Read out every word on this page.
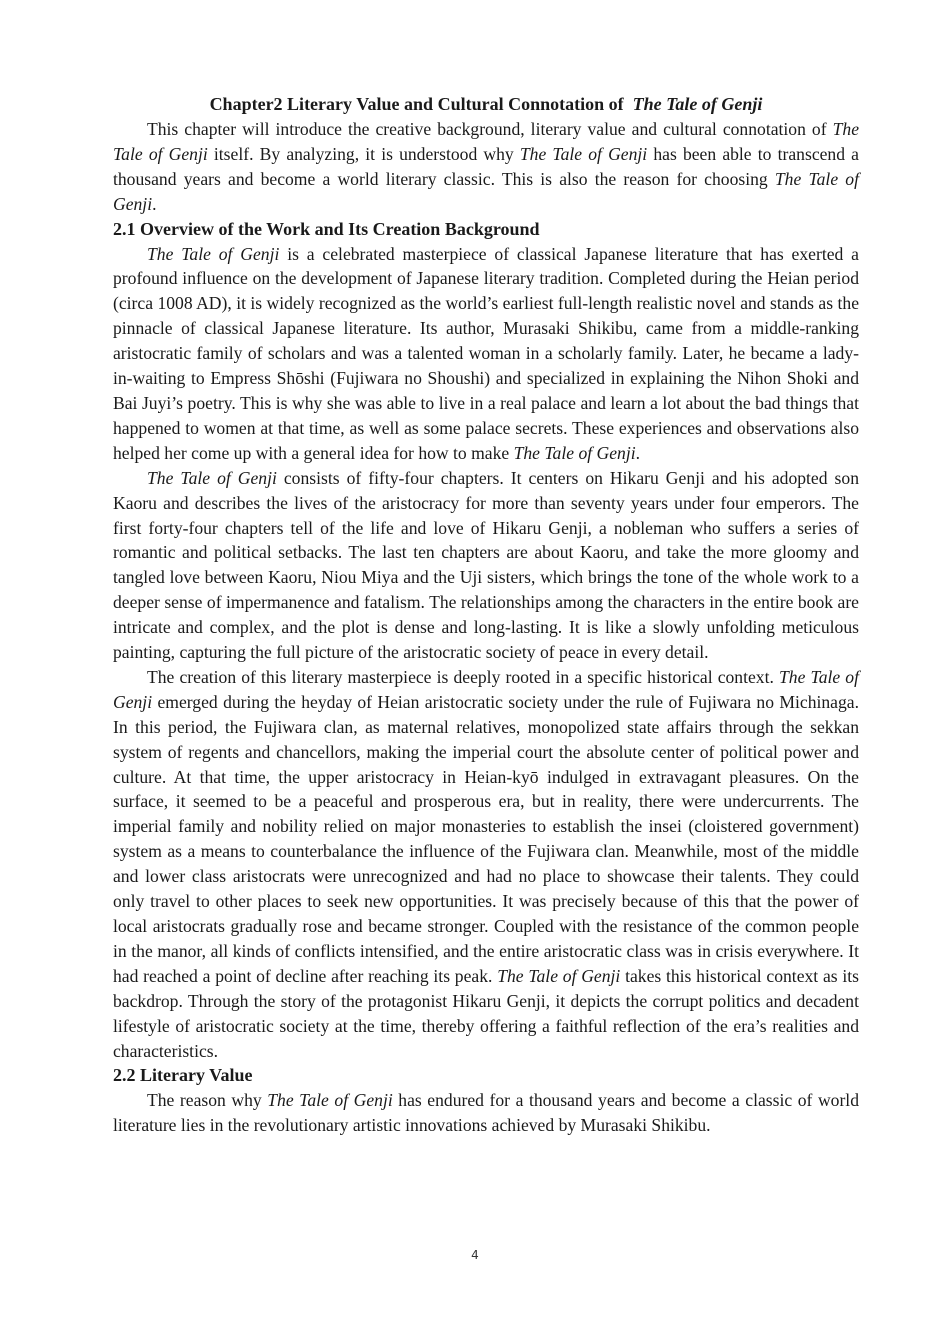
Chapter2 Literary Value and Cultural Connotation of The Tale of Genji

This chapter will introduce the creative background, literary value and cultural connotation of The Tale of Genji itself. By analyzing, it is understood why The Tale of Genji has been able to transcend a thousand years and become a world literary classic. This is also the reason for choosing The Tale of Genji.

2.1 Overview of the Work and Its Creation Background

The Tale of Genji is a celebrated masterpiece of classical Japanese literature that has exerted a profound influence on the development of Japanese literary tradition. Completed during the Heian period (circa 1008 AD), it is widely recognized as the world’s earliest full-length realistic novel and stands as the pinnacle of classical Japanese literature. Its author, Murasaki Shikibu, came from a middle-ranking aristocratic family of scholars and was a talented woman in a scholarly family. Later, he became a lady-in-waiting to Empress Shōshi (Fujiwara no Shoushi) and specialized in explaining the Nihon Shoki and Bai Juyi’s poetry. This is why she was able to live in a real palace and learn a lot about the bad things that happened to women at that time, as well as some palace secrets. These experiences and observations also helped her come up with a general idea for how to make The Tale of Genji.

The Tale of Genji consists of fifty-four chapters. It centers on Hikaru Genji and his adopted son Kaoru and describes the lives of the aristocracy for more than seventy years under four emperors. The first forty-four chapters tell of the life and love of Hikaru Genji, a nobleman who suffers a series of romantic and political setbacks. The last ten chapters are about Kaoru, and take the more gloomy and tangled love between Kaoru, Niou Miya and the Uji sisters, which brings the tone of the whole work to a deeper sense of impermanence and fatalism. The relationships among the characters in the entire book are intricate and complex, and the plot is dense and long-lasting. It is like a slowly unfolding meticulous painting, capturing the full picture of the aristocratic society of peace in every detail.

The creation of this literary masterpiece is deeply rooted in a specific historical context. The Tale of Genji emerged during the heyday of Heian aristocratic society under the rule of Fujiwara no Michinaga. In this period, the Fujiwara clan, as maternal relatives, monopolized state affairs through the sekkan system of regents and chancellors, making the imperial court the absolute center of political power and culture. At that time, the upper aristocracy in Heian-kyō indulged in extravagant pleasures. On the surface, it seemed to be a peaceful and prosperous era, but in reality, there were undercurrents. The imperial family and nobility relied on major monasteries to establish the insei (cloistered government) system as a means to counterbalance the influence of the Fujiwara clan. Meanwhile, most of the middle and lower class aristocrats were unrecognized and had no place to showcase their talents. They could only travel to other places to seek new opportunities. It was precisely because of this that the power of local aristocrats gradually rose and became stronger. Coupled with the resistance of the common people in the manor, all kinds of conflicts intensified, and the entire aristocratic class was in crisis everywhere. It had reached a point of decline after reaching its peak. The Tale of Genji takes this historical context as its backdrop. Through the story of the protagonist Hikaru Genji, it depicts the corrupt politics and decadent lifestyle of aristocratic society at the time, thereby offering a faithful reflection of the era’s realities and characteristics.

2.2 Literary Value

The reason why The Tale of Genji has endured for a thousand years and become a classic of world literature lies in the revolutionary artistic innovations achieved by Murasaki Shikibu.

4
